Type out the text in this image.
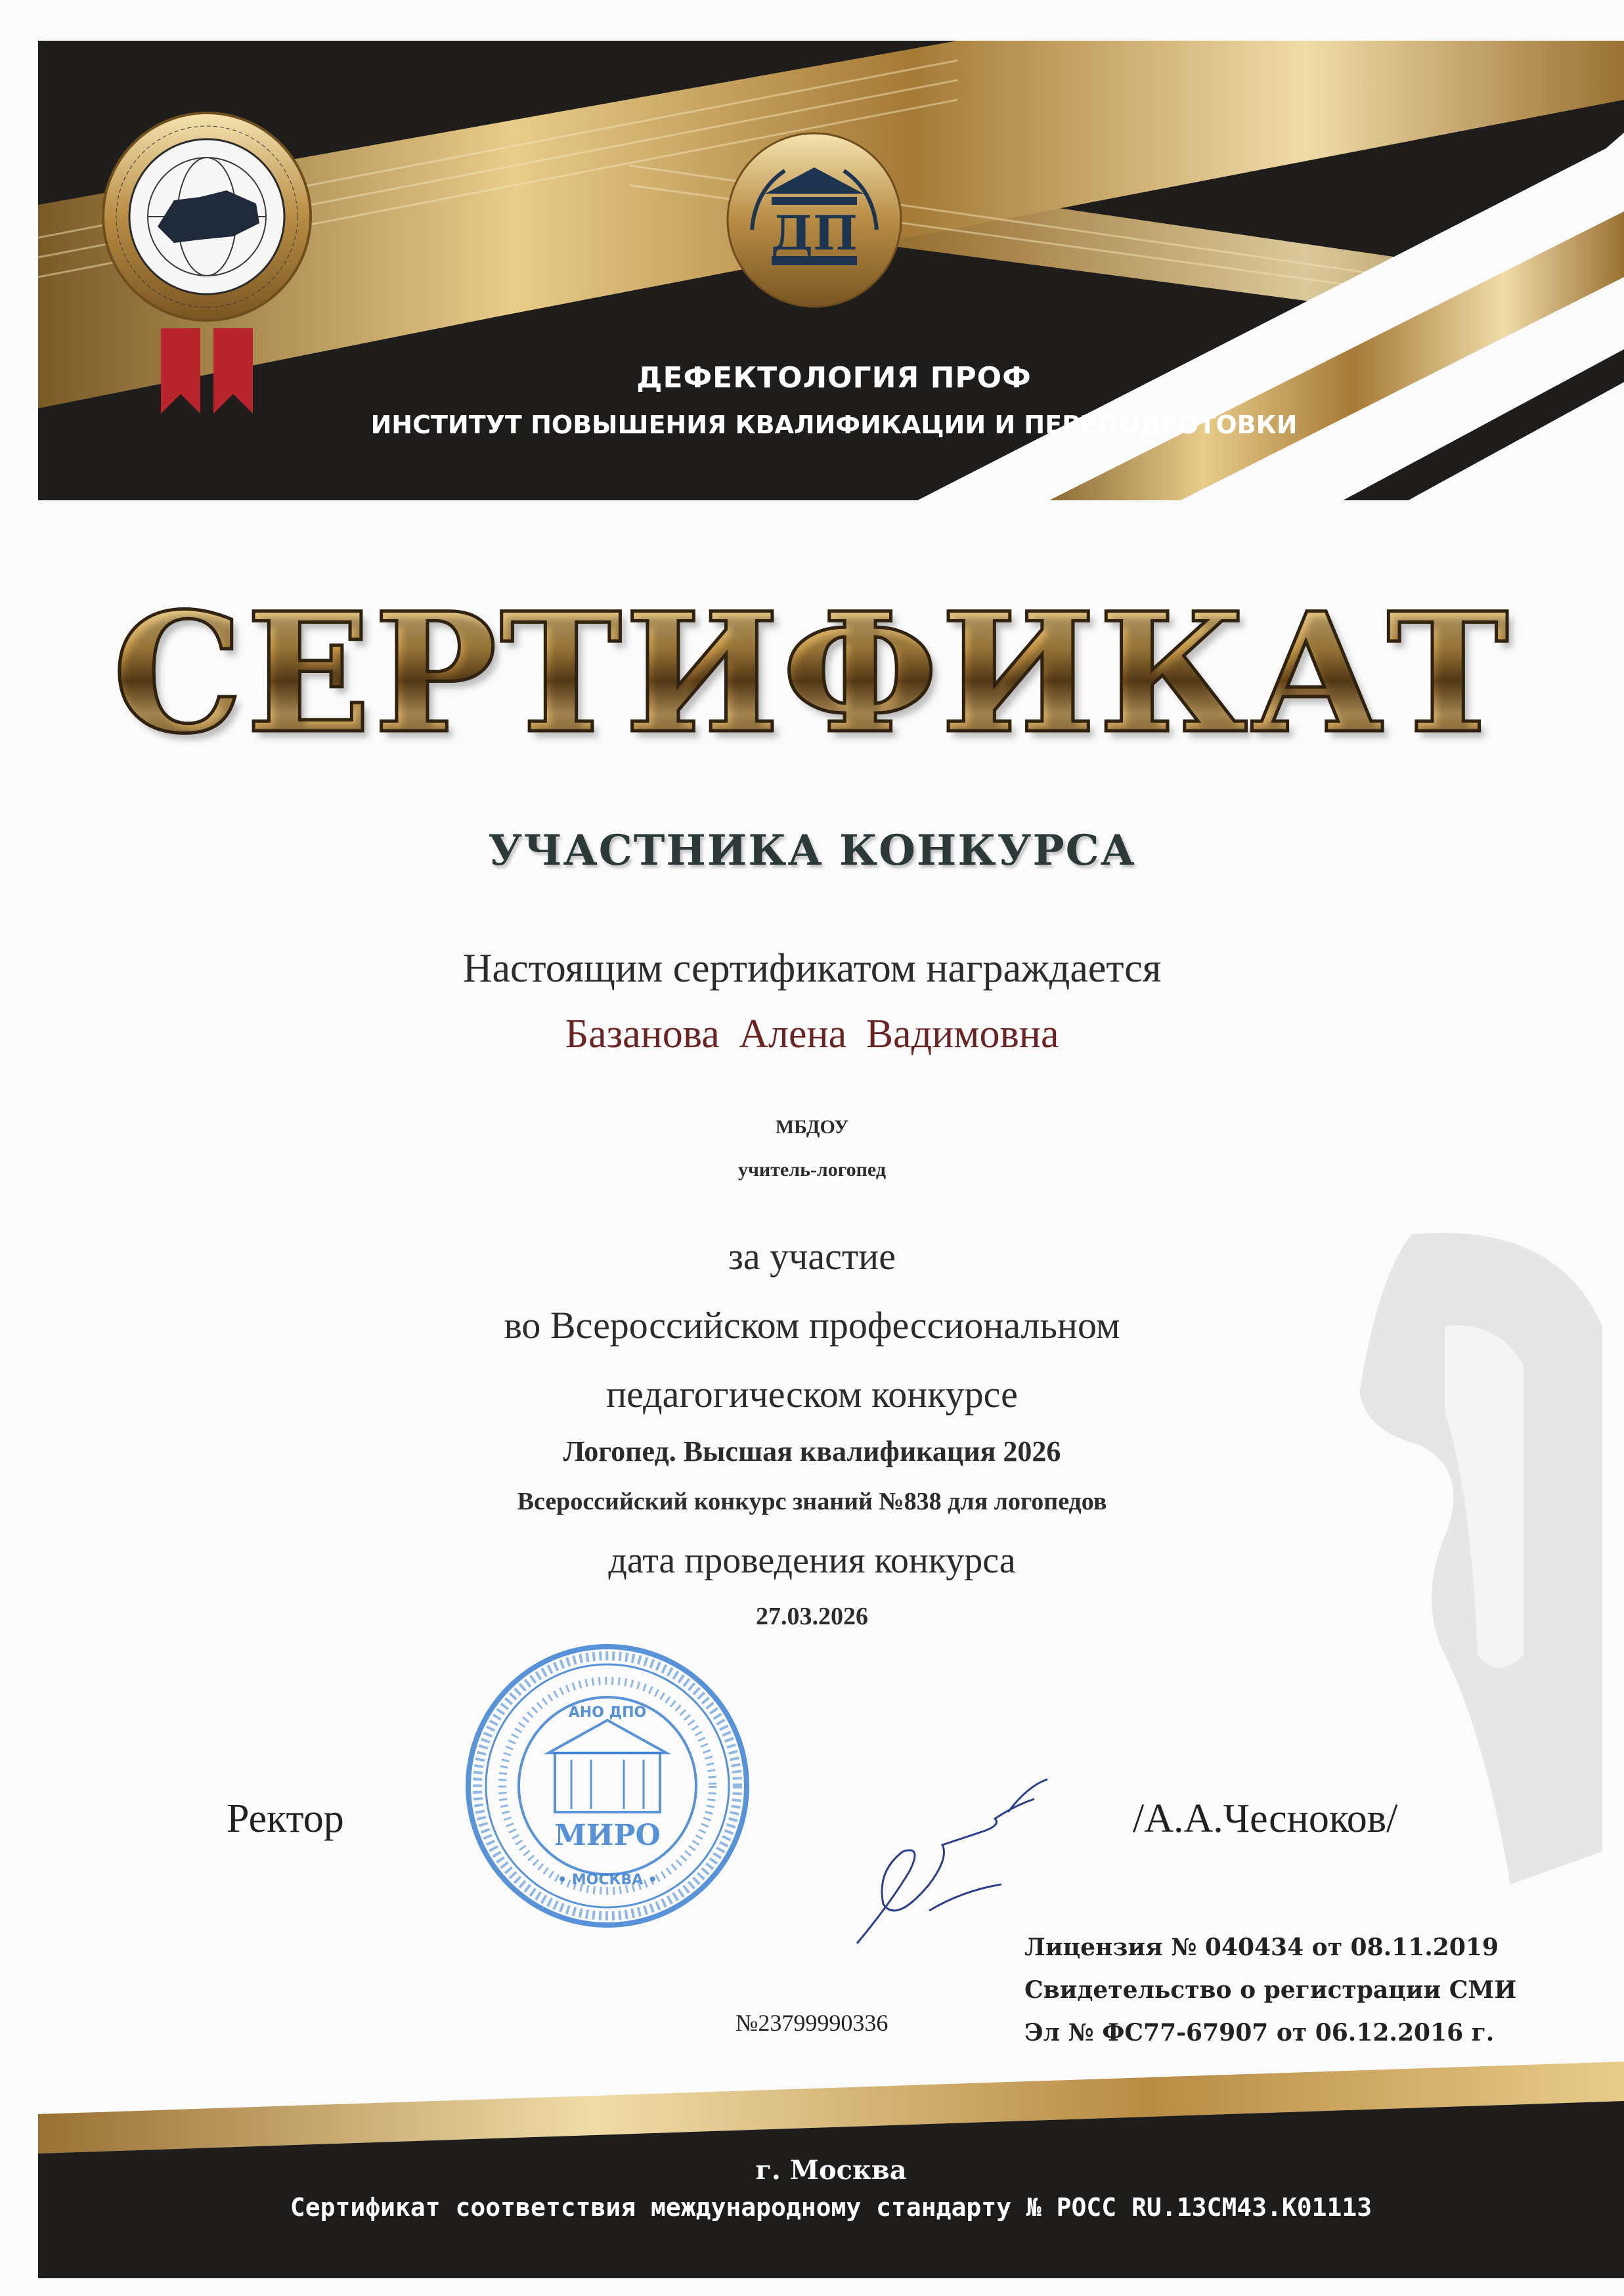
ДП
ДЕФЕКТОЛОГИЯ ПРОФ
ИНСТИТУТ ПОВЫШЕНИЯ КВАЛИФИКАЦИИ И ПЕРЕПОДГОТОВКИ
СЕРТИФИКАТ
УЧАСТНИКА КОНКУРСА
Настоящим сертификатом награждается
Базанова Алена Вадимовна
МБДОУ
учитель-логопед
за участие
во Всероссийском профессиональном
педагогическом конкурсе
Логопед. Высшая квалификация 2026
Всероссийский конкурс знаний №838 для логопедов
дата проведения конкурса
27.03.2026
АНО ДПО
МИРО
• МОСКВА •
Ректор	/А.А.Чесноков/
Лицензия № 040434 от 08.11.2019
Свидетельство о регистрации СМИ
Эл № ФС77-67907 от 06.12.2016 г.
№23799990336
г. Москва
Сертификат соответствия международному стандарту № РОСС RU.13СМ43.К01113
